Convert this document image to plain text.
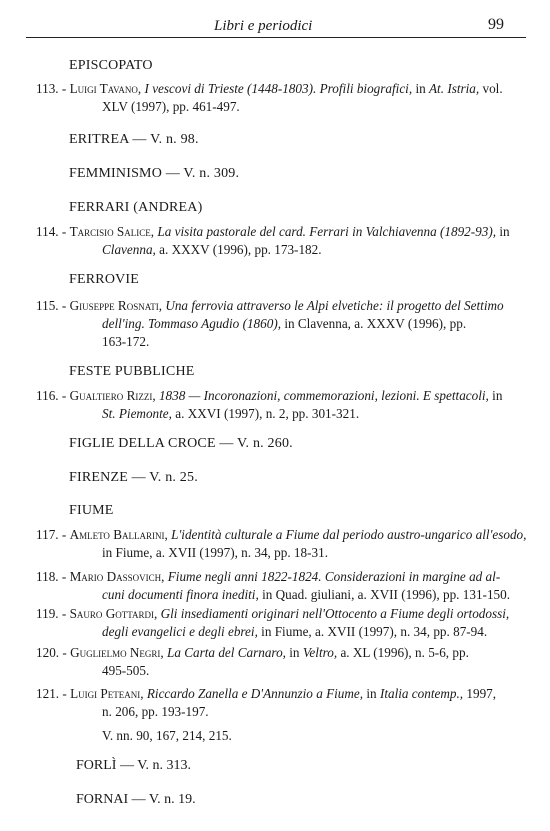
Libri e periodici	99
EPISCOPATO
113. - Luigi Tavano, I vescovi di Trieste (1448-1803). Profili biografici, in At. Istria, vol.
XLV (1997), pp. 461-497.
ERITREA — V. n. 98.
FEMMINISMO — V. n. 309.
FERRARI (ANDREA)
114. - Tarcisio Salice, La visita pastorale del card. Ferrari in Valchiavenna (1892-93), in
Clavenna, a. XXXV (1996), pp. 173-182.
FERROVIE
115. - Giuseppe Rosnati, Una ferrovia attraverso le Alpi elvetiche: il progetto del Settimo
dell'ing. Tommaso Agudio (1860), in Clavenna, a. XXXV (1996), pp.
163-172.
FESTE PUBBLICHE
116. - Gualtiero Rizzi, 1838 — Incoronazioni, commemorazioni, lezioni. E spettacoli, in
St. Piemonte, a. XXVI (1997), n. 2, pp. 301-321.
FIGLIE DELLA CROCE — V. n. 260.
FIRENZE — V. n. 25.
FIUME
117. - Amleto Ballarini, L'identità culturale a Fiume dal periodo austro-ungarico all'esodo,
in Fiume, a. XVII (1997), n. 34, pp. 18-31.
118. - Mario Dassovich, Fiume negli anni 1822-1824. Considerazioni in margine ad al-
cuni documenti finora inediti, in Quad. giuliani, a. XVII (1996), pp. 131-150.
119. - Sauro Gottardi, Gli insediamenti originari nell'Ottocento a Fiume degli ortodossi,
degli evangelici e degli ebrei, in Fiume, a. XVII (1997), n. 34, pp. 87-94.
120. - Guglielmo Negri, La Carta del Carnaro, in Veltro, a. XL (1996), n. 5-6, pp.
495-505.
121. - Luigi Peteani, Riccardo Zanella e D'Annunzio a Fiume, in Italia contemp., 1997,
n. 206, pp. 193-197.
V. nn. 90, 167, 214, 215.
FORLÌ — V. n. 313.
FORNAI — V. n. 19.
